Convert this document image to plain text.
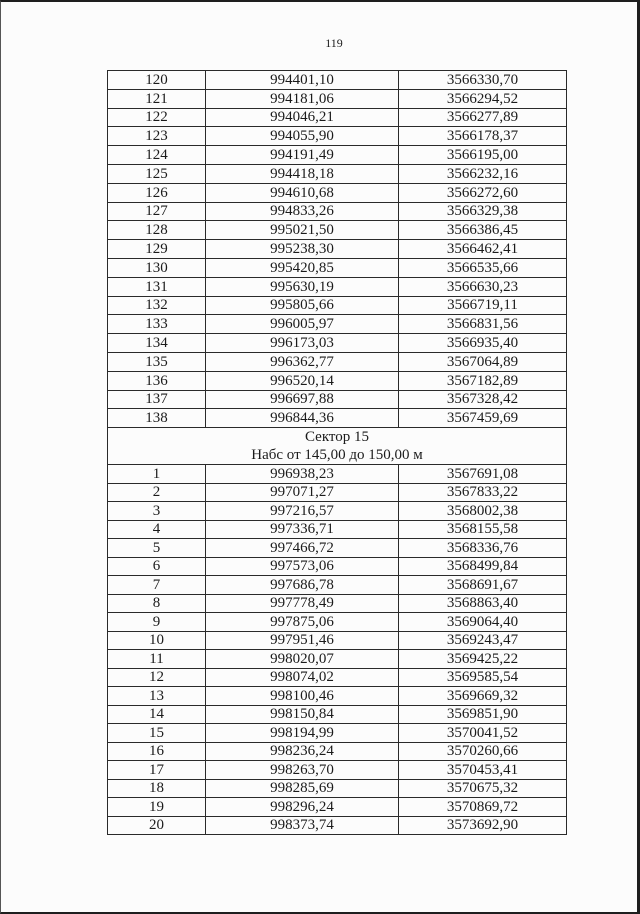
119
120	994401,10	3566330,70
121	994181,06	3566294,52
122	994046,21	3566277,89
123	994055,90	3566178,37
124	994191,49	3566195,00
125	994418,18	3566232,16
126	994610,68	3566272,60
127	994833,26	3566329,38
128	995021,50	3566386,45
129	995238,30	3566462,41
130	995420,85	3566535,66
131	995630,19	3566630,23
132	995805,66	3566719,11
133	996005,97	3566831,56
134	996173,03	3566935,40
135	996362,77	3567064,89
136	996520,14	3567182,89
137	996697,88	3567328,42
138	996844,36	3567459,69

Сектор 15
Набс от 145,00 до 150,00 м		

1	996938,23	3567691,08
2	997071,27	3567833,22
3	997216,57	3568002,38
4	997336,71	3568155,58
5	997466,72	3568336,76
6	997573,06	3568499,84
7	997686,78	3568691,67
8	997778,49	3568863,40
9	997875,06	3569064,40
10	997951,46	3569243,47
11	998020,07	3569425,22
12	998074,02	3569585,54
13	998100,46	3569669,32
14	998150,84	3569851,90
15	998194,99	3570041,52
16	998236,24	3570260,66
17	998263,70	3570453,41
18	998285,69	3570675,32
19	998296,24	3570869,72
20	998373,74	3573692,90
